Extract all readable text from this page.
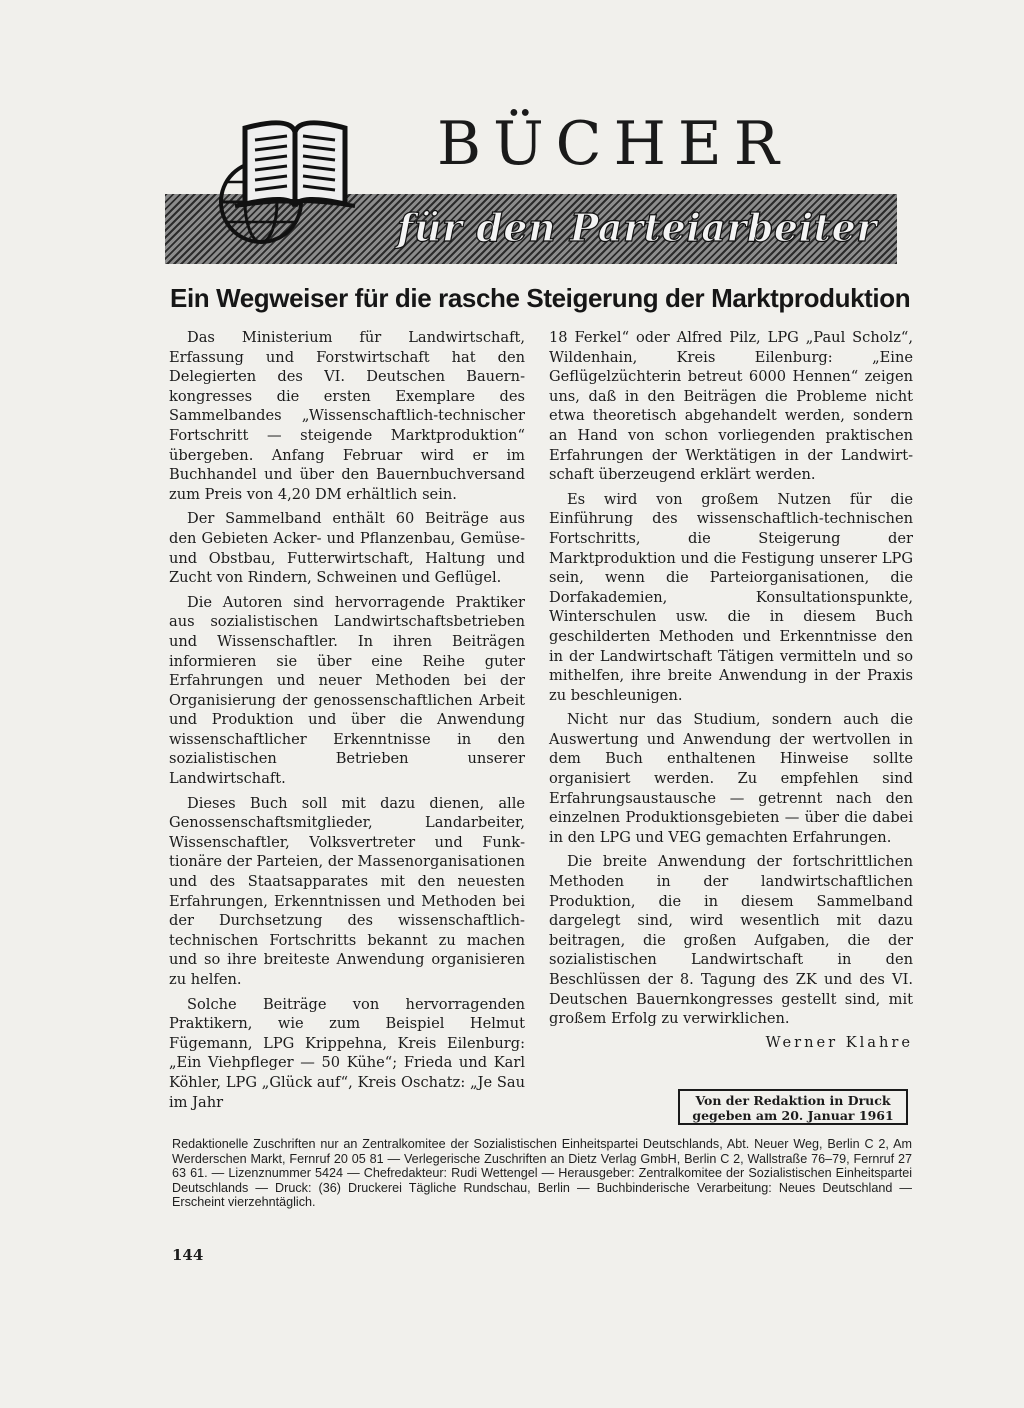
BÜCHER

für den Parteiarbeiter

Ein Wegweiser für die rasche Steigerung der Marktproduktion

Das Ministerium für Landwirtschaft, Erfassung und Forstwirtschaft hat den Delegierten des VI. Deutschen Bauernkongresses die ersten Exemplare des Sammelbandes „Wissenschaftlich-technischer Fortschritt — steigende Marktproduktion“ übergeben. Anfang Februar wird er im Buchhandel und über den Bauernbuchversand zum Preis von 4,20 DM erhältlich sein.

Der Sammelband enthält 60 Beiträge aus den Gebieten Acker- und Pflanzenbau, Gemüse- und Obstbau, Futterwirtschaft, Haltung und Zucht von Rindern, Schweinen und Geflügel.

Die Autoren sind hervorragende Praktiker aus sozialistischen Landwirtschaftsbetrieben und Wissenschaftler. In ihren Beiträgen informieren sie über eine Reihe guter Erfahrungen und neuer Methoden bei der Organisierung der genossenschaftlichen Arbeit und Produktion und über die Anwendung wissenschaftlicher Erkenntnisse in den sozialistischen Betrieben unserer Landwirtschaft.

Dieses Buch soll mit dazu dienen, alle Genossenschaftsmitglieder, Landarbeiter, Wissenschaftler, Volksvertreter und Funktionäre der Parteien, der Massenorganisationen und des Staatsapparates mit den neuesten Erfahrungen, Erkenntnissen und Methoden bei der Durchsetzung des wissenschaftlich-technischen Fortschritts bekannt zu machen und so ihre breiteste Anwendung organisieren zu helfen.

Solche Beiträge von hervorragenden Praktikern, wie zum Beispiel Helmut Fügemann, LPG Krippehna, Kreis Eilenburg: „Ein Viehpfleger — 50 Kühe“; Frieda und Karl Köhler, LPG „Glück auf“, Kreis Oschatz: „Je Sau im Jahr

18 Ferkel“ oder Alfred Pilz, LPG „Paul Scholz“, Wildenhain, Kreis Eilenburg: „Eine Geflügelzüchterin betreut 6000 Hennen“ zeigen uns, daß in den Beiträgen die Probleme nicht etwa theoretisch abgehandelt werden, sondern an Hand von schon vorliegenden praktischen Erfahrungen der Werktätigen in der Landwirtschaft überzeugend erklärt werden.

Es wird von großem Nutzen für die Einführung des wissenschaftlich-technischen Fortschritts, die Steigerung der Marktproduktion und die Festigung unserer LPG sein, wenn die Parteiorganisationen, die Dorfakademien, Konsultationspunkte, Winterschulen usw. die in diesem Buch geschilderten Methoden und Erkenntnisse den in der Landwirtschaft Tätigen vermitteln und so mithelfen, ihre breite Anwendung in der Praxis zu beschleunigen.

Nicht nur das Studium, sondern auch die Auswertung und Anwendung der wertvollen in dem Buch enthaltenen Hinweise sollte organisiert werden. Zu empfehlen sind Erfahrungsaustausche — getrennt nach den einzelnen Produktionsgebieten — über die dabei in den LPG und VEG gemachten Erfahrungen.

Die breite Anwendung der fortschrittlichen Methoden in der landwirtschaftlichen Produktion, die in diesem Sammelband dargelegt sind, wird wesentlich mit dazu beitragen, die großen Aufgaben, die der sozialistischen Landwirtschaft in den Beschlüssen der 8. Tagung des ZK und des VI. Deutschen Bauernkongresses gestellt sind, mit großem Erfolg zu verwirklichen.

Werner Klahre

Von der Redaktion in Druck
gegeben am 20. Januar 1961

Redaktionelle Zuschriften nur an Zentralkomitee der Sozialistischen Einheitspartei Deutschlands, Abt. Neuer Weg, Berlin C 2, Am Werderschen Markt, Fernruf 20 05 81 — Verlegerische Zuschriften an Dietz Verlag GmbH, Berlin C 2, Wallstraße 76–79, Fernruf 27 63 61. — Lizenznummer 5424 — Chefredakteur: Rudi Wettengel — Herausgeber: Zentralkomitee der Sozialistischen Einheitspartei Deutschlands — Druck: (36) Druckerei Tägliche Rundschau, Berlin — Buchbinderische Verarbeitung: Neues Deutschland — Erscheint vierzehntäglich.

144
